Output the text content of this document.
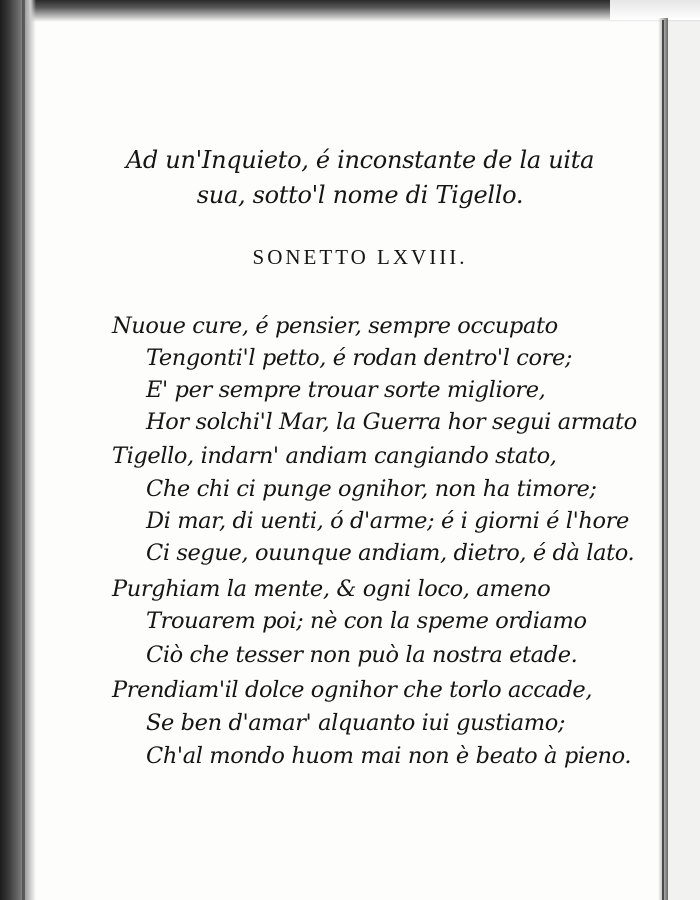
Ad un'Inquieto, é inconstante de la uita
sua, sotto'l nome di Tigello.
SONETTO LXVIII.
Nuoue cure, é pensier, sempre occupato
Tengonti'l petto, é rodan dentro'l core;
E' per sempre trouar sorte migliore,
Hor solchi'l Mar, la Guerra hor segui armato
Tigello, indarn' andiam cangiando stato,
Che chi ci punge ognihor, non ha timore;
Di mar, di uenti, ó d'arme; é i giorni é l'hore
Ci segue, ouunque andiam, dietro, é dà lato.
Purghiam la mente, & ogni loco, ameno
Trouarem poi; nè con la speme ordiamo
Ciò che tesser non può la nostra etade.
Prendiam'il dolce ognihor che torlo accade,
Se ben d'amar' alquanto iui gustiamo;
Ch'al mondo huom mai non è beato à pieno.
